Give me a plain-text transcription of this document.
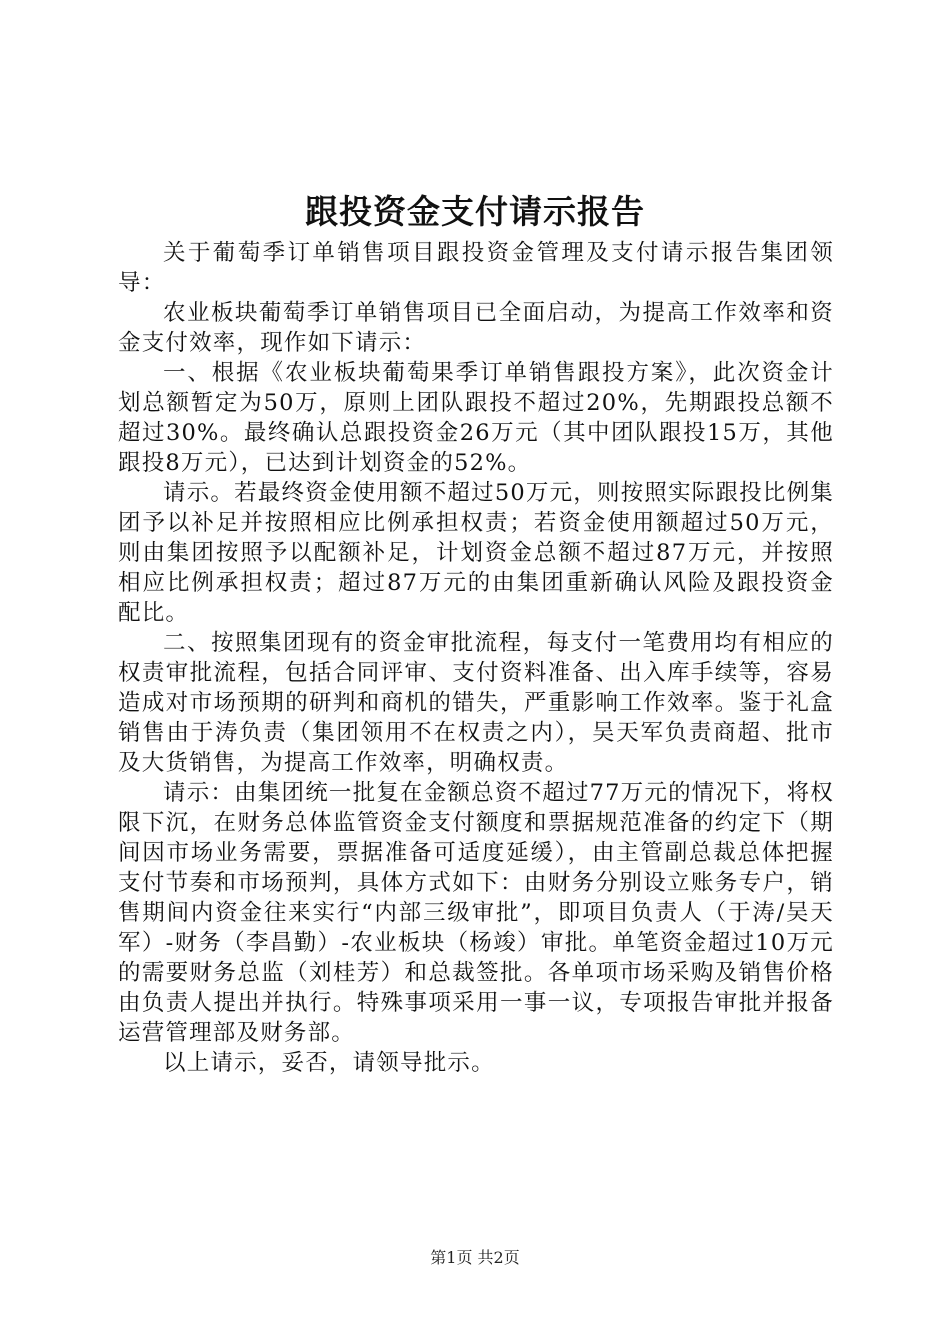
跟投资金支付请示报告

关于葡萄季订单销售项目跟投资金管理及支付请示报告集团领导：

农业板块葡萄季订单销售项目已全面启动，为提高工作效率和资金支付效率，现作如下请示：

一、根据《农业板块葡萄果季订单销售跟投方案》，此次资金计划总额暂定为50万，原则上团队跟投不超过20%，先期跟投总额不超过30%。最终确认总跟投资金26万元（其中团队跟投15万，其他跟投8万元），已达到计划资金的52%。

请示。若最终资金使用额不超过50万元，则按照实际跟投比例集团予以补足并按照相应比例承担权责；若资金使用额超过50万元，则由集团按照予以配额补足，计划资金总额不超过87万元，并按照相应比例承担权责；超过87万元的由集团重新确认风险及跟投资金配比。

二、按照集团现有的资金审批流程，每支付一笔费用均有相应的权责审批流程，包括合同评审、支付资料准备、出入库手续等，容易造成对市场预期的研判和商机的错失，严重影响工作效率。鉴于礼盒销售由于涛负责（集团领用不在权责之内），吴天军负责商超、批市及大货销售，为提高工作效率，明确权责。

请示：由集团统一批复在金额总资不超过77万元的情况下，将权限下沉，在财务总体监管资金支付额度和票据规范准备的约定下（期间因市场业务需要，票据准备可适度延缓），由主管副总裁总体把握支付节奏和市场预判，具体方式如下：由财务分别设立账务专户，销售期间内资金往来实行“内部三级审批”，即项目负责人（于涛/吴天军）-财务（李昌勤）-农业板块（杨竣）审批。单笔资金超过10万元的需要财务总监（刘桂芳）和总裁签批。各单项市场采购及销售价格由负责人提出并执行。特殊事项采用一事一议，专项报告审批并报备运营管理部及财务部。

以上请示，妥否，请领导批示。

第1页 共2页
